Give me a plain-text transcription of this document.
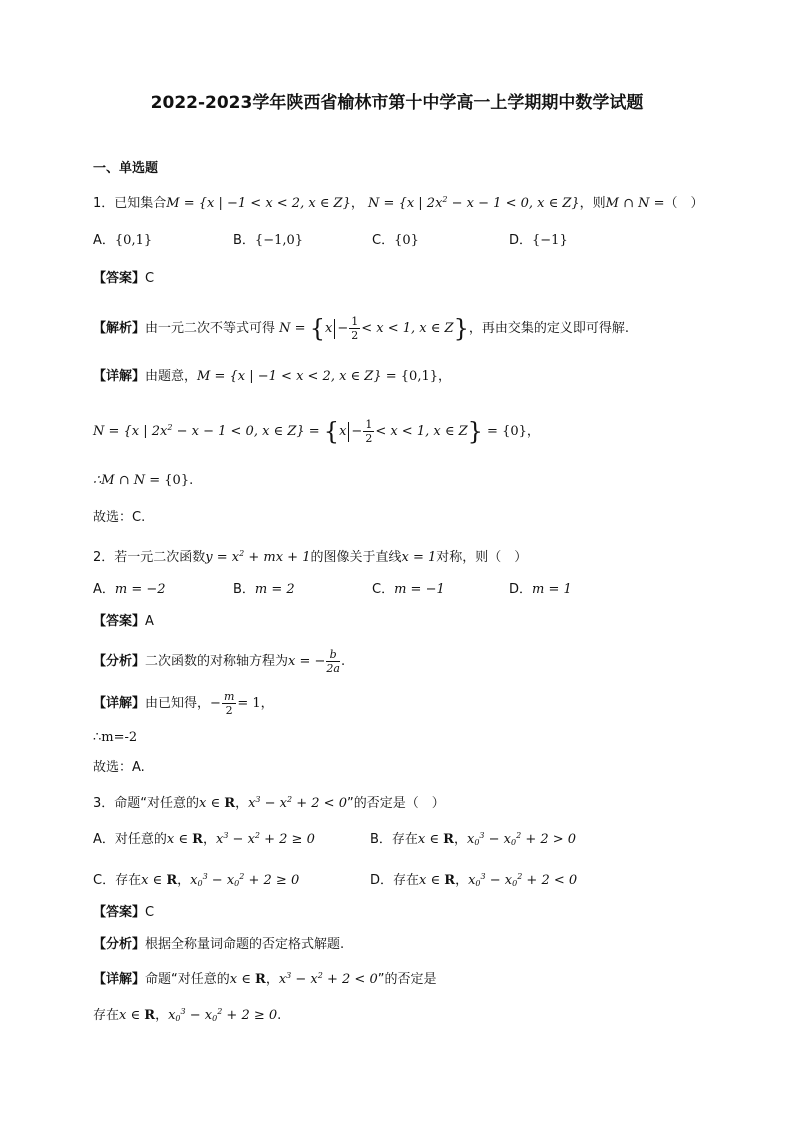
2022-2023学年陕西省榆林市第十中学高一上学期期中数学试题
一、单选题
1．已知集合M = {x | −1 < x < 2, x ∈ Z}， N = {x | $2x^2 - x - 1 < 0$, x ∈ Z}，则M ∩ N =（　）
A．{0,1}	B．{−1,0}	C．{0}	D．{−1}
【答案】C
【解析】由一元二次不等式可得 $N = \{x - \frac{1}{2} < x < 1$, x ∈ Z}，再由交集的定义即可得解.
【详解】由题意，M = {x | −1 < x < 2, x ∈ Z} = {0,1}，
N = {x | $2x^2 - x - 1 < 0$, x ∈ $Z\} = \{x - \frac{1}{2} < x < 1$, x ∈ Z} = {0}，
∴M ∩ N = {0}.
故选：C.
2．若一元二次函数$y = x^2$ + mx + 1的图像关于直线x = 1对称，则（　）
A．m = −2	B．m = 2	C．m = −1	D．m = 1
【答案】A
【分析】二次函数的对称轴方程为x = − $\frac{b}{2a}$ .
【详解】由已知得，− $\frac{m}{2} = 1$，
∴m=-2
故选：A.
3．命题“对任意的x ∈ R，$x^3 - x^2 + 2 < 0$”的否定是（　）
A．对任意的x ∈ R，$x^3 - x^2 + 2 \ge 0$	B．存在x ∈ R，$x_0^3 - x_0^2 + 2 > 0$
C．存在x ∈ R，$x_0^3 - x_0^2 + 2 \ge 0$	D．存在x ∈ R，$x_0^3 - x_0^2 + 2 < 0$
【答案】C
【分析】根据全称量词命题的否定格式解题.
【详解】命题“对任意的x ∈ R，$x^3 - x^2 + 2 < 0$”的否定是
存在x ∈ R，$x_0^3 - x_0^2 + 2 \ge 0$.
